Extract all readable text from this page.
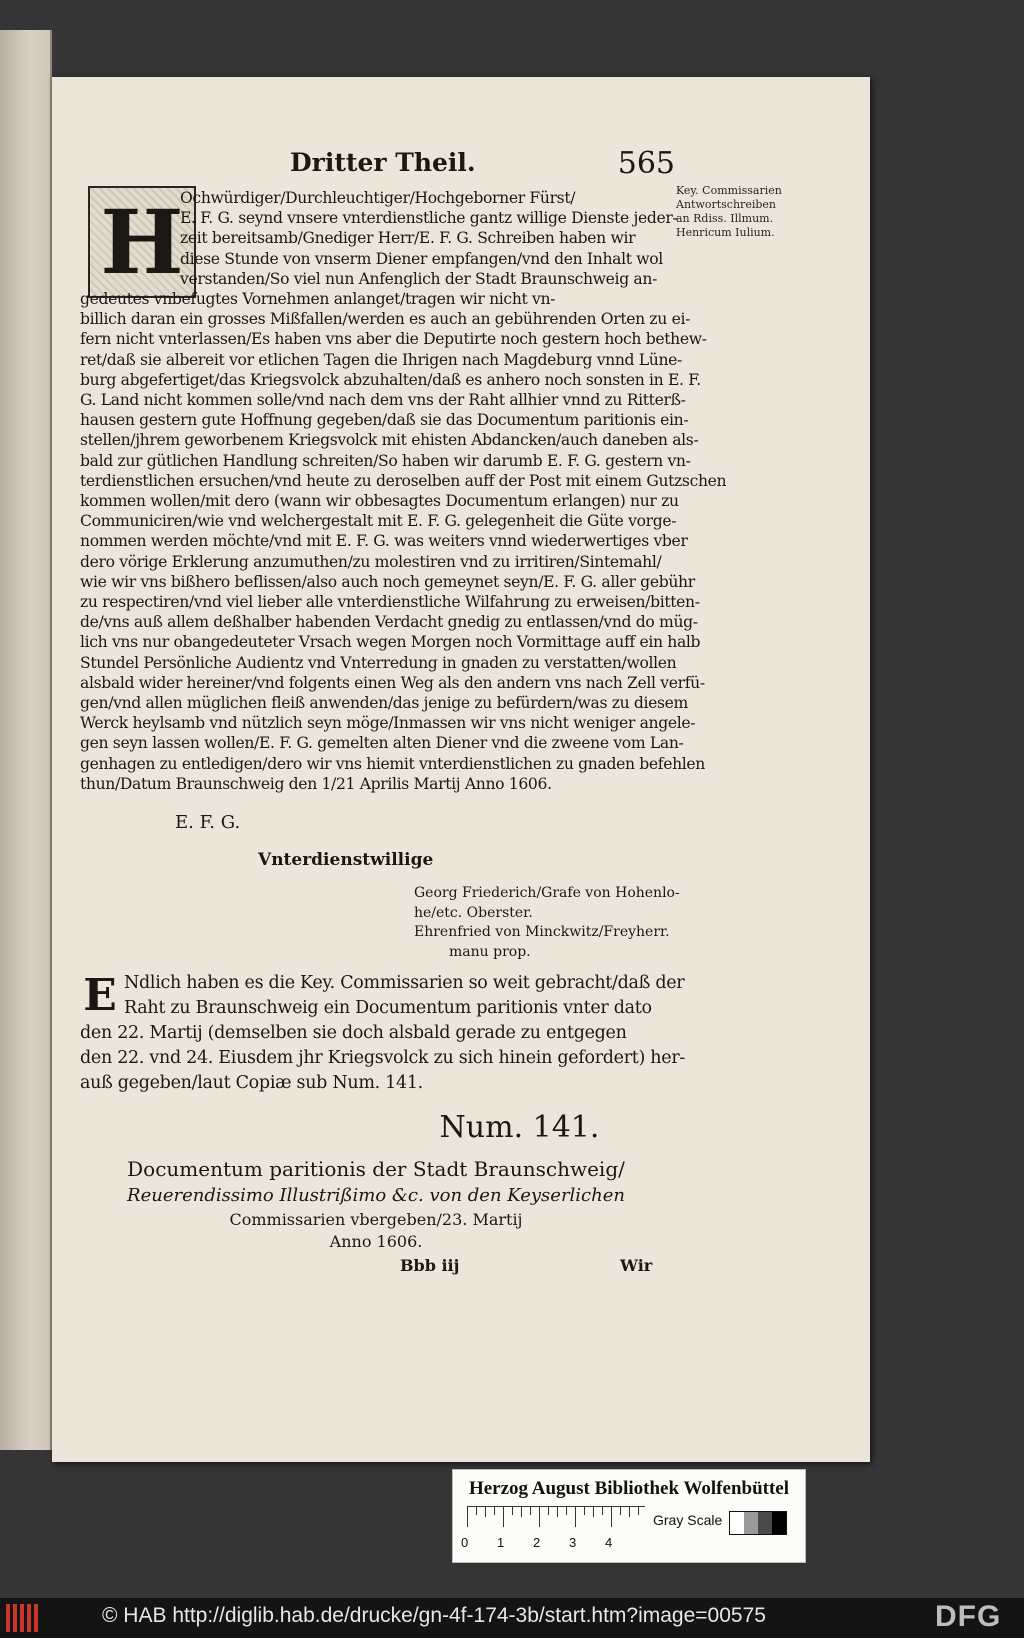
Dritter Theil.	565
Key. Commissarien
Antwortschreiben
an Rdiss. Illmum.
Henricum Iulium.
H
Ochwürdiger/Durchleuchtiger/Hochgeborner Fürst/
E. F. G. seynd vnsere vnterdienstliche gantz willige Dienste jeder-
zeit bereitsamb/Gnediger Herr/E. F. G. Schreiben haben wir
diese Stunde von vnserm Diener empfangen/vnd den Inhalt wol
verstanden/So viel nun Anfenglich der Stadt Braunschweig an-
gedeutes vnbefugtes Vornehmen anlanget/tragen wir nicht vn-
billich daran ein grosses Mißfallen/werden es auch an gebührenden Orten zu ei-
fern nicht vnterlassen/Es haben vns aber die Deputirte noch gestern hoch bethew-
ret/daß sie albereit vor etlichen Tagen die Ihrigen nach Magdeburg vnnd Lüne-
burg abgefertiget/das Kriegsvolck abzuhalten/daß es anhero noch sonsten in E. F.
G. Land nicht kommen solle/vnd nach dem vns der Raht allhier vnnd zu Ritterß-
hausen gestern gute Hoffnung gegeben/daß sie das Documentum paritionis ein-
stellen/jhrem geworbenem Kriegsvolck mit ehisten Abdancken/auch daneben als-
bald zur gütlichen Handlung schreiten/So haben wir darumb E. F. G. gestern vn-
terdienstlichen ersuchen/vnd heute zu deroselben auff der Post mit einem Gutzschen
kommen wollen/mit dero (wann wir obbesagtes Documentum erlangen) nur zu
Communiciren/wie vnd welchergestalt mit E. F. G. gelegenheit die Güte vorge-
nommen werden möchte/vnd mit E. F. G. was weiters vnnd wiederwertiges vber
dero vörige Erklerung anzumuthen/zu molestiren vnd zu irritiren/Sintemahl/
wie wir vns bißhero beflissen/also auch noch gemeynet seyn/E. F. G. aller gebühr
zu respectiren/vnd viel lieber alle vnterdienstliche Wilfahrung zu erweisen/bitten-
de/vns auß allem deßhalber habenden Verdacht gnedig zu entlassen/vnd do müg-
lich vns nur obangedeuteter Vrsach wegen Morgen noch Vormittage auff ein halb
Stundel Persönliche Audientz vnd Vnterredung in gnaden zu verstatten/wollen
alsbald wider hereiner/vnd folgents einen Weg als den andern vns nach Zell verfü-
gen/vnd allen müglichen fleiß anwenden/das jenige zu befürdern/was zu diesem
Werck heylsamb vnd nützlich seyn möge/Inmassen wir vns nicht weniger angele-
gen seyn lassen wollen/E. F. G. gemelten alten Diener vnd die zweene vom Lan-
genhagen zu entledigen/dero wir vns hiemit vnterdienstlichen zu gnaden befehlen
thun/Datum Braunschweig den 1/21 Aprilis Martij Anno 1606.
E. F. G.
Vnterdienstwillige
Georg Friederich/Grafe von Hohenlo-
he/etc. Oberster.
Ehrenfried von Minckwitz/Freyherr.
manu prop.
E Ndlich haben es die Key. Commissarien so weit gebracht/daß der
Raht zu Braunschweig ein Documentum paritionis vnter dato
den 22. Martij (demselben sie doch alsbald gerade zu entgegen
den 22. vnd 24. Eiusdem jhr Kriegsvolck zu sich hinein gefordert) her-
auß gegeben/laut Copiæ sub Num. 141.
Num. 141.
Documentum paritionis der Stadt Braunschweig/
Reuerendissimo Illustrißimo &c. von den Keyserlichen
Commissarien vbergeben/23. Martij
Anno 1606.
Bbb iij	Wir
Herzog August Bibliothek Wolfenbüttel
0 1 2 3 4
Gray Scale
© HAB http://diglib.hab.de/drucke/gn-4f-174-3b/start.htm?image=00575	DFG
